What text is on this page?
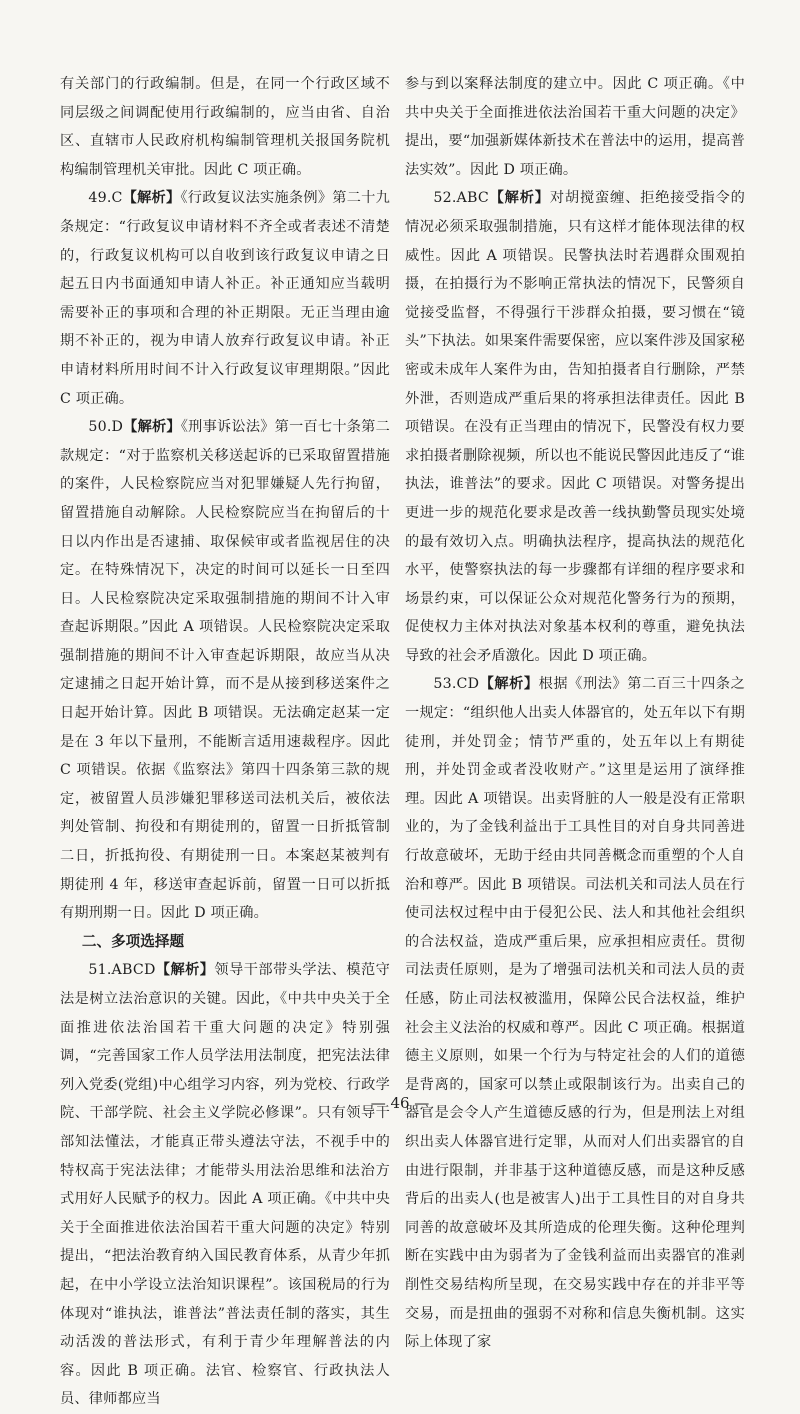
有关部门的行政编制。但是，在同一个行政区域不同层级之间调配使用行政编制的，应当由省、自治区、直辖市人民政府机构编制管理机关报国务院机构编制管理机关审批。因此 C 项正确。

49.C【解析】《行政复议法实施条例》第二十九条规定：“行政复议申请材料不齐全或者表述不清楚的，行政复议机构可以自收到该行政复议申请之日起五日内书面通知申请人补正。补正通知应当载明需要补正的事项和合理的补正期限。无正当理由逾期不补正的，视为申请人放弃行政复议申请。补正申请材料所用时间不计入行政复议审理期限。”因此 C 项正确。

50.D【解析】《刑事诉讼法》第一百七十条第二款规定：“对于监察机关移送起诉的已采取留置措施的案件，人民检察院应当对犯罪嫌疑人先行拘留，留置措施自动解除。人民检察院应当在拘留后的十日以内作出是否逮捕、取保候审或者监视居住的决定。在特殊情况下，决定的时间可以延长一日至四日。人民检察院决定采取强制措施的期间不计入审查起诉期限。”因此 A 项错误。人民检察院决定采取强制措施的期间不计入审查起诉期限，故应当从决定逮捕之日起开始计算，而不是从接到移送案件之日起开始计算。因此 B 项错误。无法确定赵某一定是在 3 年以下量刑，不能断言适用速裁程序。因此 C 项错误。依据《监察法》第四十四条第三款的规定，被留置人员涉嫌犯罪移送司法机关后，被依法判处管制、拘役和有期徒刑的，留置一日折抵管制二日，折抵拘役、有期徒刑一日。本案赵某被判有期徒刑 4 年，移送审查起诉前，留置一日可以折抵有期刑期一日。因此 D 项正确。

二、多项选择题

51.ABCD【解析】领导干部带头学法、模范守法是树立法治意识的关键。因此，《中共中央关于全面推进依法治国若干重大问题的决定》特别强调，“完善国家工作人员学法用法制度，把宪法法律列入党委(党组)中心组学习内容，列为党校、行政学院、干部学院、社会主义学院必修课”。只有领导干部知法懂法，才能真正带头遵法守法，不视手中的特权高于宪法法律；才能带头用法治思维和法治方式用好人民赋予的权力。因此 A 项正确。《中共中央关于全面推进依法治国若干重大问题的决定》特别提出，“把法治教育纳入国民教育体系，从青少年抓起，在中小学设立法治知识课程”。该国税局的行为体现对“谁执法，谁普法”普法责任制的落实，其生动活泼的普法形式，有利于青少年理解普法的内容。因此 B 项正确。法官、检察官、行政执法人员、律师都应当

参与到以案释法制度的建立中。因此 C 项正确。《中共中央关于全面推进依法治国若干重大问题的决定》提出，要“加强新媒体新技术在普法中的运用，提高普法实效”。因此 D 项正确。

52.ABC【解析】对胡搅蛮缠、拒绝接受指令的情况必须采取强制措施，只有这样才能体现法律的权威性。因此 A 项错误。民警执法时若遇群众围观拍摄，在拍摄行为不影响正常执法的情况下，民警须自觉接受监督，不得强行干涉群众拍摄，要习惯在“镜头”下执法。如果案件需要保密，应以案件涉及国家秘密或未成年人案件为由，告知拍摄者自行删除，严禁外泄，否则造成严重后果的将承担法律责任。因此 B 项错误。在没有正当理由的情况下，民警没有权力要求拍摄者删除视频，所以也不能说民警因此违反了“谁执法，谁普法”的要求。因此 C 项错误。对警务提出更进一步的规范化要求是改善一线执勤警员现实处境的最有效切入点。明确执法程序，提高执法的规范化水平，使警察执法的每一步骤都有详细的程序要求和场景约束，可以保证公众对规范化警务行为的预期，促使权力主体对执法对象基本权利的尊重，避免执法导致的社会矛盾激化。因此 D 项正确。

53.CD【解析】根据《刑法》第二百三十四条之一规定：“组织他人出卖人体器官的，处五年以下有期徒刑，并处罚金；情节严重的，处五年以上有期徒刑，并处罚金或者没收财产。”这里是运用了演绎推理。因此 A 项错误。出卖肾脏的人一般是没有正常职业的，为了金钱利益出于工具性目的对自身共同善进行故意破坏，无助于经由共同善概念而重塑的个人自治和尊严。因此 B 项错误。司法机关和司法人员在行使司法权过程中由于侵犯公民、法人和其他社会组织的合法权益，造成严重后果，应承担相应责任。贯彻司法责任原则，是为了增强司法机关和司法人员的责任感，防止司法权被滥用，保障公民合法权益，维护社会主义法治的权威和尊严。因此 C 项正确。根据道德主义原则，如果一个行为与特定社会的人们的道德是背离的，国家可以禁止或限制该行为。出卖自己的器官是会令人产生道德反感的行为，但是刑法上对组织出卖人体器官进行定罪，从而对人们出卖器官的自由进行限制，并非基于这种道德反感，而是这种反感背后的出卖人(也是被害人)出于工具性目的对自身共同善的故意破坏及其所造成的伦理失衡。这种伦理判断在实践中由为弱者为了金钱利益而出卖器官的准剥削性交易结构所呈现，在交易实践中存在的并非平等交易，而是扭曲的强弱不对称和信息失衡机制。这实际上体现了家

— 46 —
